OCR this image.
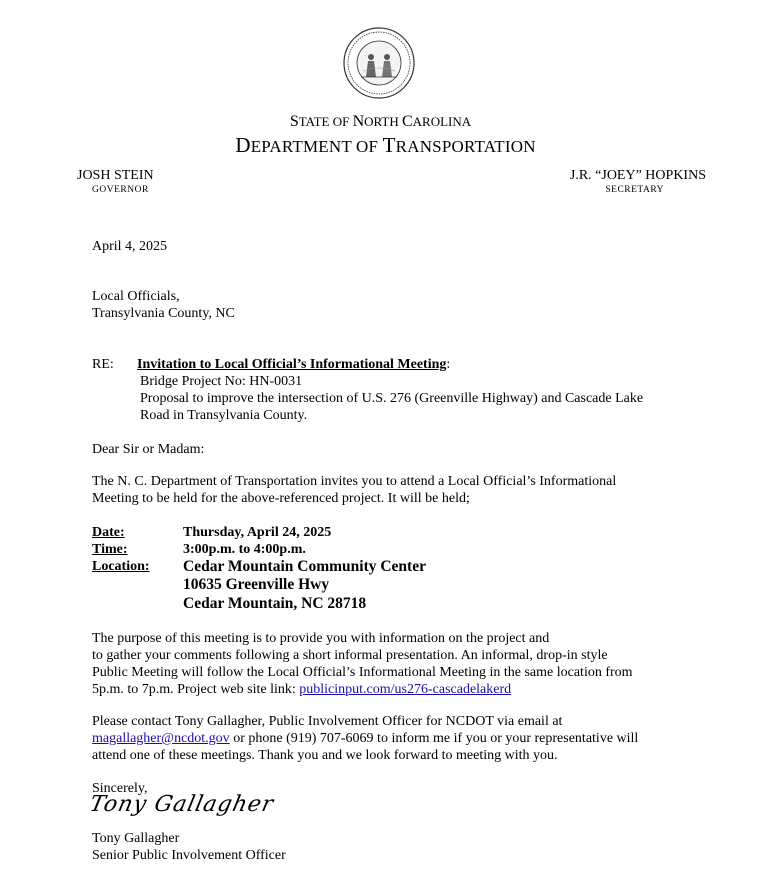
STATE OF NORTH CAROLINA
DEPARTMENT OF TRANSPORTATION
JOSH STEIN
GOVERNOR
J.R. “JOEY” HOPKINS
SECRETARY
April 4, 2025
Local Officials,
Transylvania County, NC
RE: Invitation to Local Official’s Informational Meeting:
Bridge Project No: HN-0031
Proposal to improve the intersection of U.S. 276 (Greenville Highway) and Cascade Lake
Road in Transylvania County.
Dear Sir or Madam:
The N. C. Department of Transportation invites you to attend a Local Official’s Informational
Meeting to be held for the above-referenced project. It will be held;
Date:	Thursday, April 24, 2025
Time:	3:00p.m. to 4:00p.m.
Location: Cedar Mountain Community Center
10635 Greenville Hwy
Cedar Mountain, NC 28718
The purpose of this meeting is to provide you with information on the project and
to gather your comments following a short informal presentation. An informal, drop-in style
Public Meeting will follow the Local Official’s Informational Meeting in the same location from
5p.m. to 7p.m. Project web site link: publicinput.com/us276-cascadelakerd
Please contact Tony Gallagher, Public Involvement Officer for NCDOT via email at
magallagher@ncdot.gov or phone (919) 707-6069 to inform me if you or your representative will
attend one of these meetings. Thank you and we look forward to meeting with you.
Sincerely,
Tony Gallagher
Tony Gallagher
Senior Public Involvement Officer
